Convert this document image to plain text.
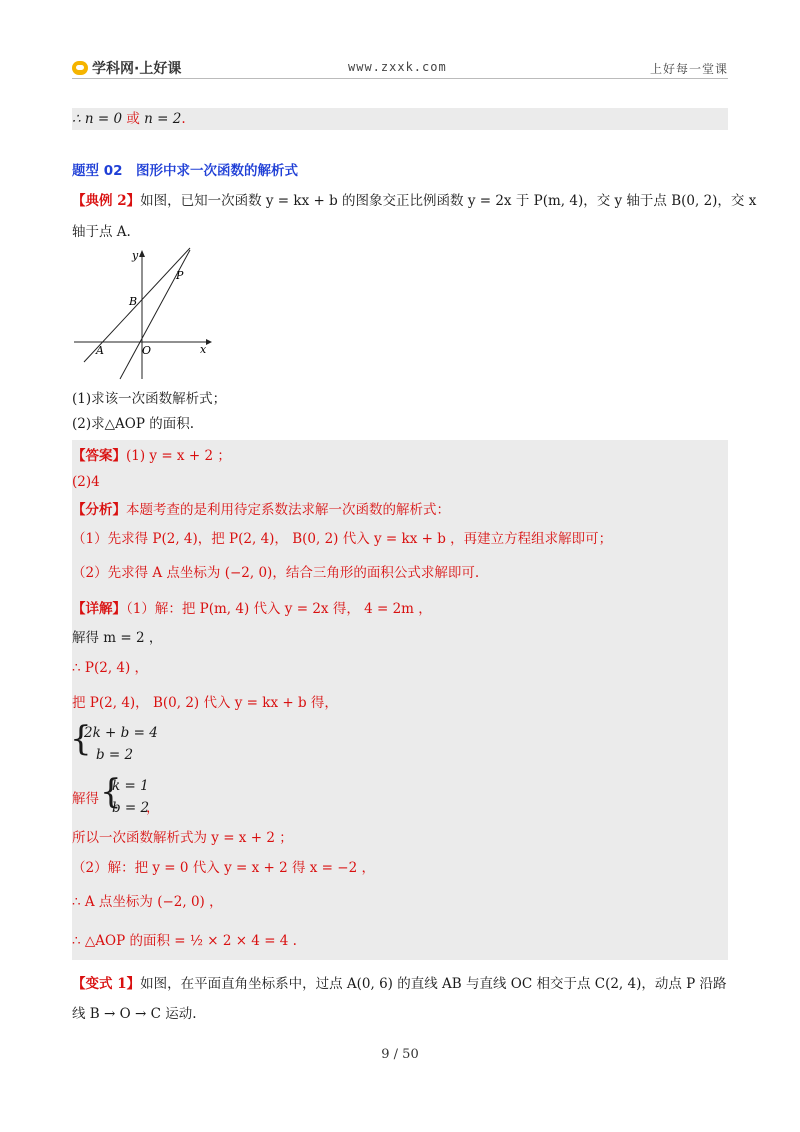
学科网·上好课	www.zxxk.com	上好每一堂课
∴ n = 0 或 n = 2.
题型 02　图形中求一次函数的解析式
【典例 2】如图，已知一次函数 y = kx + b 的图象交正比例函数 y = 2x 于 P(m, 4)，交 y 轴于点 B(0, 2)，交 x
轴于点 A.
y
x
O
A
B
P
(1)求该一次函数解析式；
(2)求△AOP 的面积.
【答案】(1) y = x + 2 ；
(2)4
【分析】本题考查的是利用待定系数法求解一次函数的解析式：
（1）先求得 P(2, 4)，把 P(2, 4)， B(0, 2) 代入 y = kx + b ，再建立方程组求解即可；
（2）先求得 A 点坐标为 (−2, 0)，结合三角形的面积公式求解即可.
【详解】（1）解：把 P(m, 4) 代入 y = 2x 得， 4 = 2m ，
解得 m = 2 ，
∴ P(2, 4) ，
把 P(2, 4)， B(0, 2) 代入 y = kx + b 得，
{
2k + b = 4
b = 2
解得 {
k = 1
b = 2
，
所以一次函数解析式为 y = x + 2 ；
（2）解：把 y = 0 代入 y = x + 2 得 x = −2 ，
∴ A 点坐标为 (−2, 0) ，
∴ △AOP 的面积 = ½ × 2 × 4 = 4 .
【变式 1】如图，在平面直角坐标系中，过点 A(0, 6) 的直线 AB 与直线 OC 相交于点 C(2, 4)，动点 P 沿路
线 B → O → C 运动.
9 / 50
